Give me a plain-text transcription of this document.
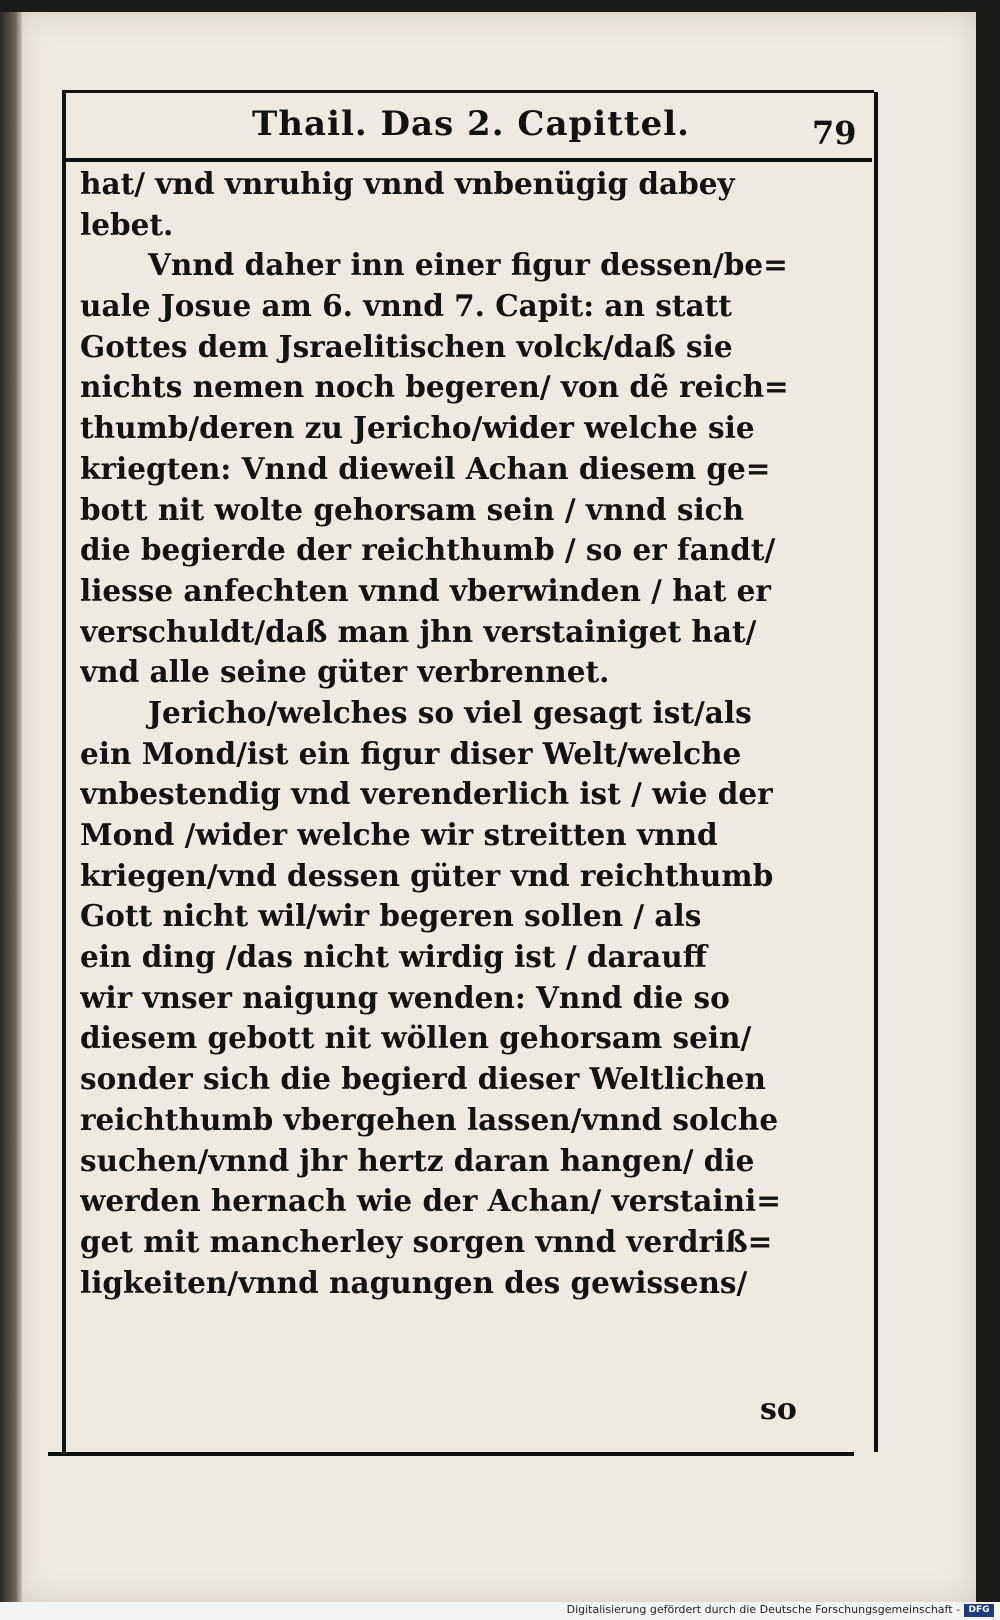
Thail. Das 2. Capittel.	79
hat/ vnd vnruhig vnnd vnbenügig dabey
lebet.
Vnnd daher inn einer figur dessen/be=
uale Josue am 6. vnnd 7. Capit: an statt
Gottes dem Jsraelitischen volck/daß sie
nichts nemen noch begeren/ von dẽ reich=
thumb/deren zu Jericho/wider welche sie
kriegten: Vnnd dieweil Achan diesem ge=
bott nit wolte gehorsam sein / vnnd sich
die begierde der reichthumb / so er fandt/
liesse anfechten vnnd vberwinden / hat er
verschuldt/daß man jhn verstainiget hat/
vnd alle seine güter verbrennet.
Jericho/welches so viel gesagt ist/als
ein Mond/ist ein figur diser Welt/welche
vnbestendig vnd verenderlich ist / wie der
Mond /wider welche wir streitten vnnd
kriegen/vnd dessen güter vnd reichthumb
Gott nicht wil/wir begeren sollen / als
ein ding /das nicht wirdig ist / darauff
wir vnser naigung wenden: Vnnd die so
diesem gebott nit wöllen gehorsam sein/
sonder sich die begierd dieser Weltlichen
reichthumb vbergehen lassen/vnnd solche
suchen/vnnd jhr hertz daran hangen/ die
werden hernach wie der Achan/ verstaini=
get mit mancherley sorgen vnnd verdriß=
ligkeiten/vnnd nagungen des gewissens/
so
Digitalisierung gefördert durch die Deutsche Forschungsgemeinschaft - DFG
